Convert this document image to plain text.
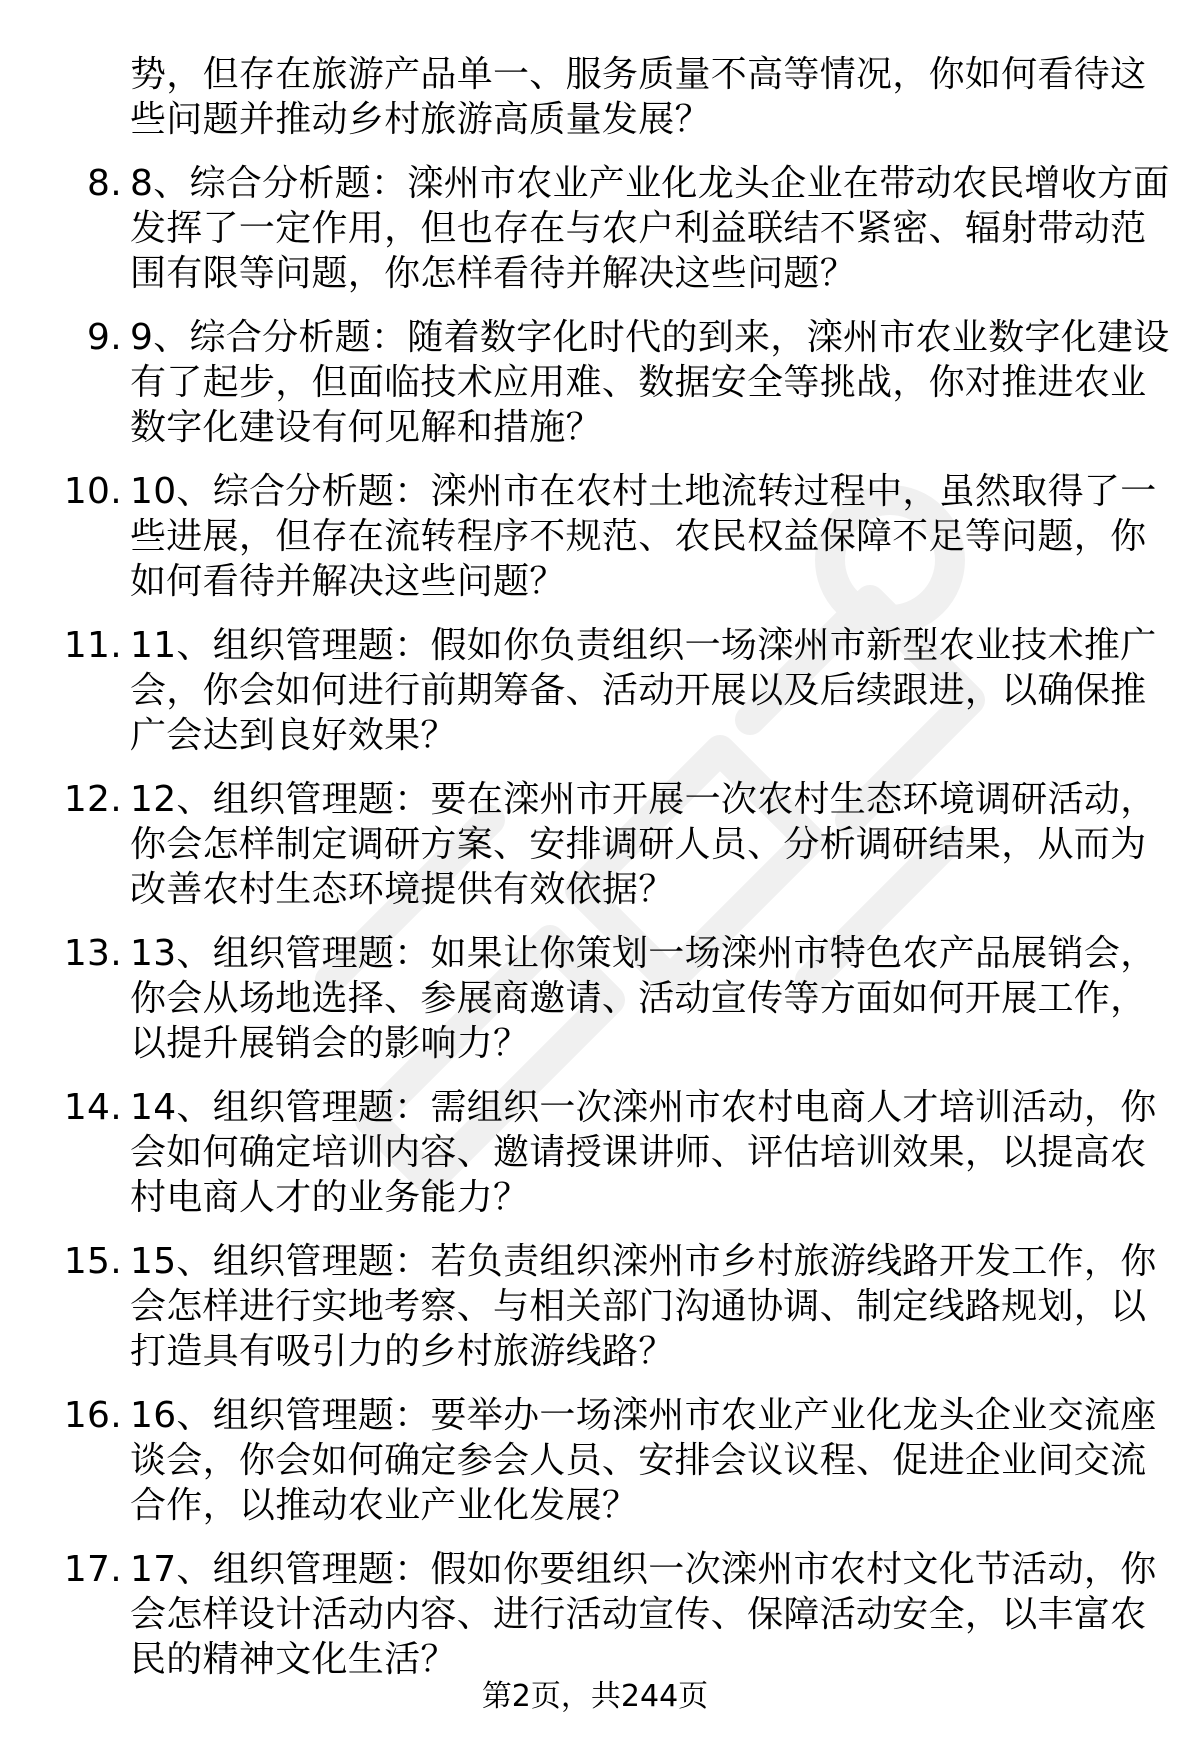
势，但存在旅游产品单一、服务质量不高等情况，你如何看待这些问题并推动乡村旅游高质量发展？
8. 8、综合分析题：滦州市农业产业化龙头企业在带动农民增收方面发挥了一定作用，但也存在与农户利益联结不紧密、辐射带动范围有限等问题，你怎样看待并解决这些问题？
9. 9、综合分析题：随着数字化时代的到来，滦州市农业数字化建设有了起步，但面临技术应用难、数据安全等挑战，你对推进农业数字化建设有何见解和措施？
10. 10、综合分析题：滦州市在农村土地流转过程中，虽然取得了一些进展，但存在流转程序不规范、农民权益保障不足等问题，你如何看待并解决这些问题？
11. 11、组织管理题：假如你负责组织一场滦州市新型农业技术推广会，你会如何进行前期筹备、活动开展以及后续跟进，以确保推广会达到良好效果？
12. 12、组织管理题：要在滦州市开展一次农村生态环境调研活动，你会怎样制定调研方案、安排调研人员、分析调研结果，从而为改善农村生态环境提供有效依据？
13. 13、组织管理题：如果让你策划一场滦州市特色农产品展销会，你会从场地选择、参展商邀请、活动宣传等方面如何开展工作，以提升展销会的影响力？
14. 14、组织管理题：需组织一次滦州市农村电商人才培训活动，你会如何确定培训内容、邀请授课讲师、评估培训效果，以提高农村电商人才的业务能力？
15. 15、组织管理题：若负责组织滦州市乡村旅游线路开发工作，你会怎样进行实地考察、与相关部门沟通协调、制定线路规划，以打造具有吸引力的乡村旅游线路？
16. 16、组织管理题：要举办一场滦州市农业产业化龙头企业交流座谈会，你会如何确定参会人员、安排会议议程、促进企业间交流合作，以推动农业产业化发展？
17. 17、组织管理题：假如你要组织一次滦州市农村文化节活动，你会怎样设计活动内容、进行活动宣传、保障活动安全，以丰富农民的精神文化生活？
第2页，共244页
